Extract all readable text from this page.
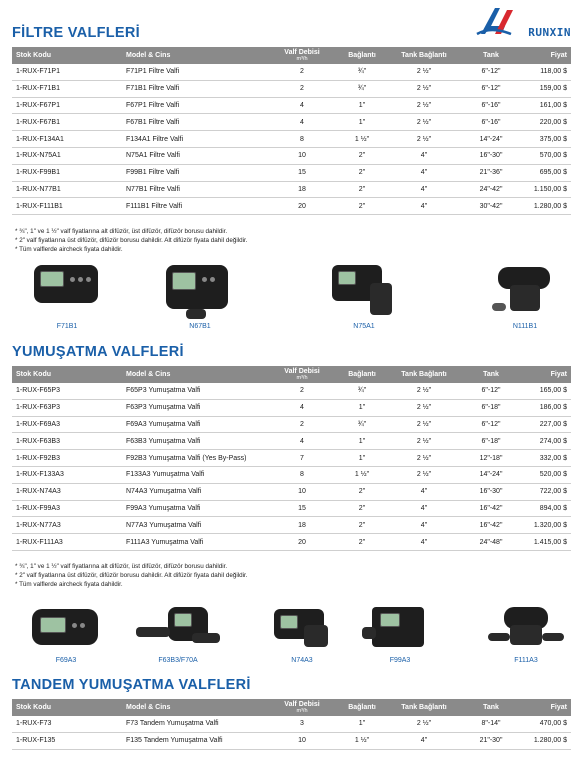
FİLTRE VALFLERİ	RUNXIN
Stok Kodu	Model & Cins	Valf Debisi
m³/h	Bağlantı	Tank Bağlantı	Tank	Fiyat
1-RUX-F71P1	F71P1 Filtre Valfi	2	¾"	2 ½"	6"-12"	118,00 $
1-RUX-F71B1	F71B1 Filtre Valfi	2	¾"	2 ½"	6"-12"	159,00 $
1-RUX-F67P1	F67P1 Filtre Valfi	4	1"	2 ½"	6"-16"	161,00 $
1-RUX-F67B1	F67B1 Filtre Valfi	4	1"	2 ½"	6"-16"	220,00 $
1-RUX-F134A1	F134A1 Filtre Valfi	8	1 ½"	2 ½"	14"-24"	375,00 $
1-RUX-N75A1	N75A1 Filtre Valfi	10	2"	4"	16"-30"	570,00 $
1-RUX-F99B1	F99B1 Filtre Valfi	15	2"	4"	21"-36"	695,00 $
1-RUX-N77B1	N77B1 Filtre Valfi	18	2"	4"	24"-42"	1.150,00 $
1-RUX-F111B1	F111B1 Filtre Valfi	20	2"	4"	30"-42"	1.280,00 $
* ¾", 1" ve 1 ½" valf fiyatlarına alt difüzör, üst difüzör, difüzör borusu dahildir.
* 2" valf fiyatlarına üst difüzör, difüzör borusu dahildir. Alt difüzör fiyata dahil değildir.
* Tüm valflerde aircheck fiyata dahildir.
F71B1	N67B1	N75A1	N111B1
YUMUŞATMA VALFLERİ
Stok Kodu	Model & Cins	Valf Debisi
m³/h	Bağlantı	Tank Bağlantı	Tank	Fiyat
1-RUX-F65P3	F65P3 Yumuşatma Valfi	2	¾"	2 ½"	6"-12"	165,00 $
1-RUX-F63P3	F63P3 Yumuşatma Valfi	4	1"	2 ½"	6"-18"	186,00 $
1-RUX-F69A3	F69A3 Yumuşatma Valfi	2	¾"	2 ½"	6"-12"	227,00 $
1-RUX-F63B3	F63B3 Yumuşatma Valfi	4	1"	2 ½"	6"-18"	274,00 $
1-RUX-F92B3	F92B3 Yumuşatma Valfi (Yes By-Pass)	7	1"	2 ½"	12"-18"	332,00 $
1-RUX-F133A3	F133A3 Yumuşatma Valfi	8	1 ½"	2 ½"	14"-24"	520,00 $
1-RUX-N74A3	N74A3 Yumuşatma Valfi	10	2"	4"	16"-30"	722,00 $
1-RUX-F99A3	F99A3 Yumuşatma Valfi	15	2"	4"	16"-42"	894,00 $
1-RUX-N77A3	N77A3 Yumuşatma Valfi	18	2"	4"	16"-42"	1.320,00 $
1-RUX-F111A3	F111A3 Yumuşatma Valfi	20	2"	4"	24"-48"	1.415,00 $
* ¾", 1" ve 1 ½" valf fiyatlarına alt difüzör, üst difüzör, difüzör borusu dahildir.
* 2" valf fiyatlarına üst difüzör, difüzör borusu dahildir. Alt difüzör fiyata dahil değildir.
* Tüm valflerde aircheck fiyata dahildir.
F69A3	F63B3/F70A	N74A3	F99A3	F111A3
TANDEM YUMUŞATMA VALFLERİ
Stok Kodu	Model & Cins	Valf Debisi
m³/h	Bağlantı	Tank Bağlantı	Tank	Fiyat
1-RUX-F73	F73 Tandem Yumuşatma Valfi	3	1"	2 ½"	8"-14"	470,00 $
1-RUX-F135	F135 Tandem Yumuşatma Valfi	10	1 ½"	4"	21"-30"	1.280,00 $
